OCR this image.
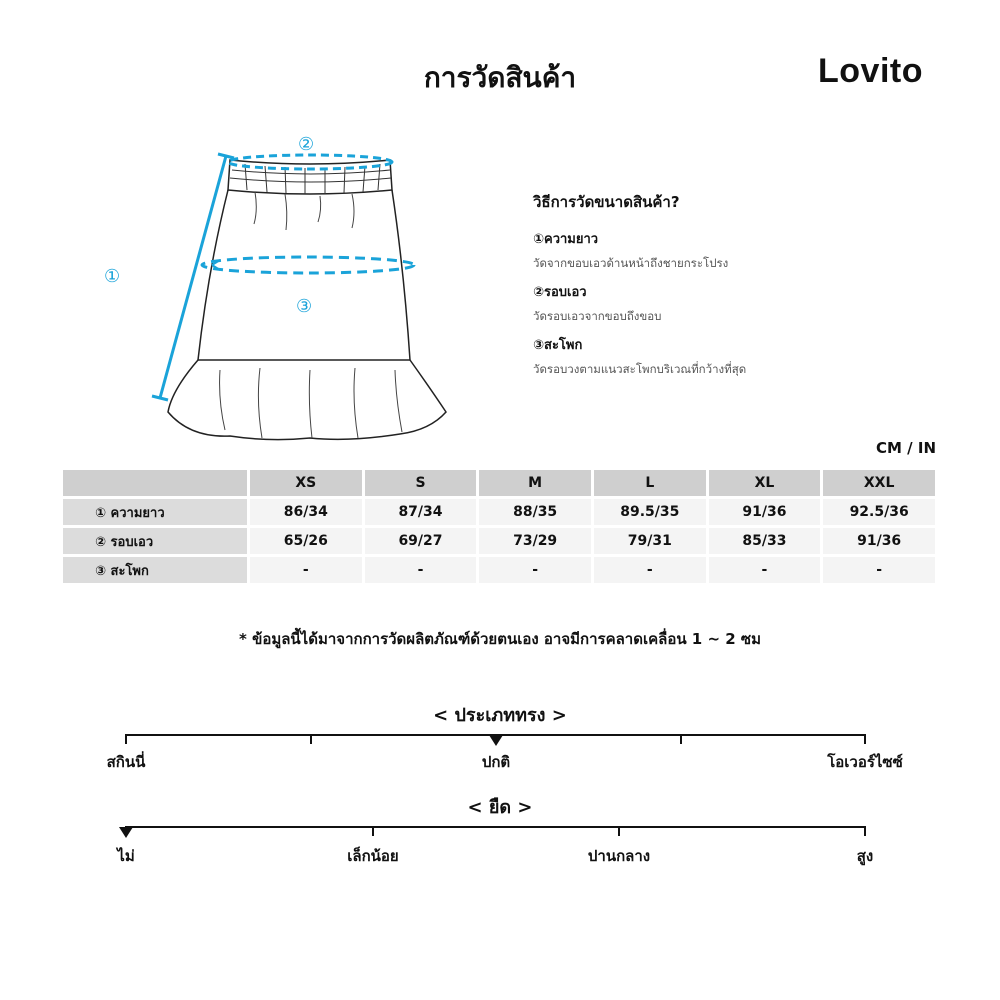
การวัดสินค้า	Lovito
①
②
③
วิธีการวัดขนาดสินค้า?
①ความยาว
วัดจากขอบเอวด้านหน้าถึงชายกระโปรง
②รอบเอว
วัดรอบเอวจากขอบถึงขอบ
③สะโพก
วัดรอบวงตามแนวสะโพกบริเวณที่กว้างที่สุด
CM / IN
	XS	S	M	L	XL	XXL
① ความยาว	86/34	87/34	88/35	89.5/35	91/36	92.5/36
② รอบเอว	65/26	69/27	73/29	79/31	85/33	91/36
③ สะโพก	-	-	-	-	-	-
* ข้อมูลนี้ได้มาจากการวัดผลิตภัณฑ์ด้วยตนเอง อาจมีการคลาดเคลื่อน 1 ~ 2 ซม
< ประเภททรง >
สกินนี่	ปกติ	โอเวอร์ไซซ์
< ยืด >
ไม่	เล็กน้อย	ปานกลาง	สูง
